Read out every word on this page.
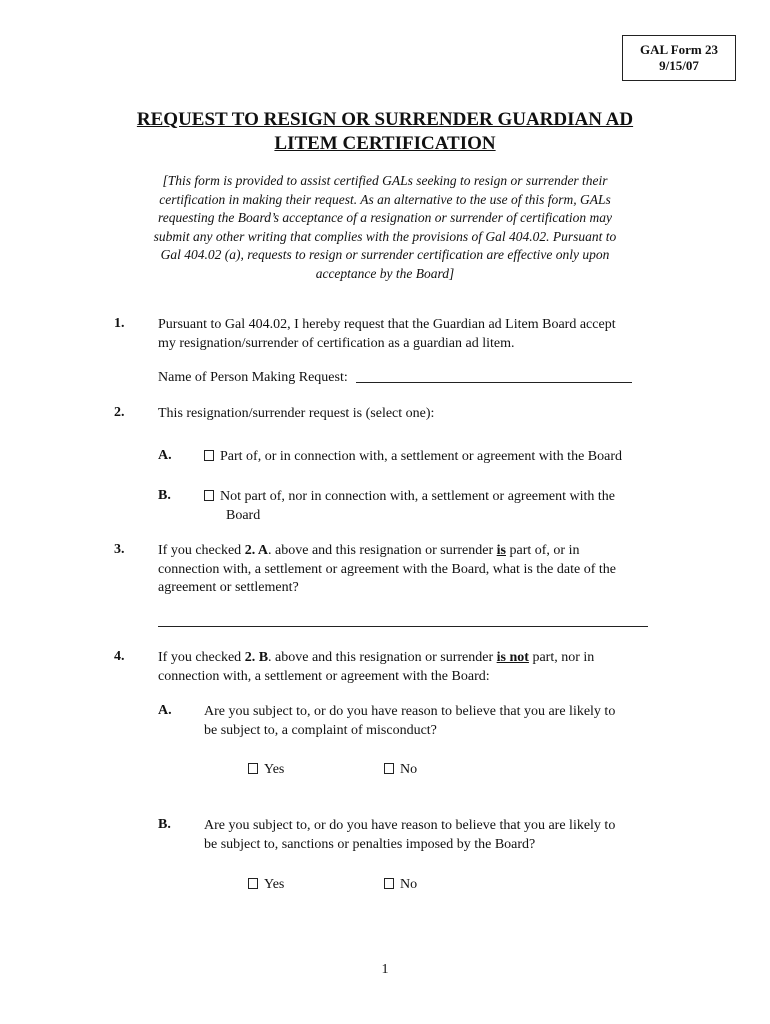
GAL Form 23
9/15/07
REQUEST TO RESIGN OR SURRENDER GUARDIAN AD
LITEM CERTIFICATION
[This form is provided to assist certified GALs seeking to resign or surrender their
certification in making their request. As an alternative to the use of this form, GALs
requesting the Board’s acceptance of a resignation or surrender of certification may
submit any other writing that complies with the provisions of Gal 404.02. Pursuant to
Gal 404.02 (a), requests to resign or surrender certification are effective only upon
acceptance by the Board]
1. Pursuant to Gal 404.02, I hereby request that the Guardian ad Litem Board accept
my resignation/surrender of certification as a guardian ad litem.
Name of Person Making Request:
2. This resignation/surrender request is (select one):
A.	Part of, or in connection with, a settlement or agreement with the Board
B.	Not part of, nor in connection with, a settlement or agreement with the
Board
3. If you checked 2. A. above and this resignation or surrender is part of, or in
connection with, a settlement or agreement with the Board, what is the date of the
agreement or settlement?
4. If you checked 2. B. above and this resignation or surrender is not part, nor in
connection with, a settlement or agreement with the Board:
A. Are you subject to, or do you have reason to believe that you are likely to
be subject to, a complaint of misconduct?
Yes	No
B. Are you subject to, or do you have reason to believe that you are likely to
be subject to, sanctions or penalties imposed by the Board?
Yes	No
1
